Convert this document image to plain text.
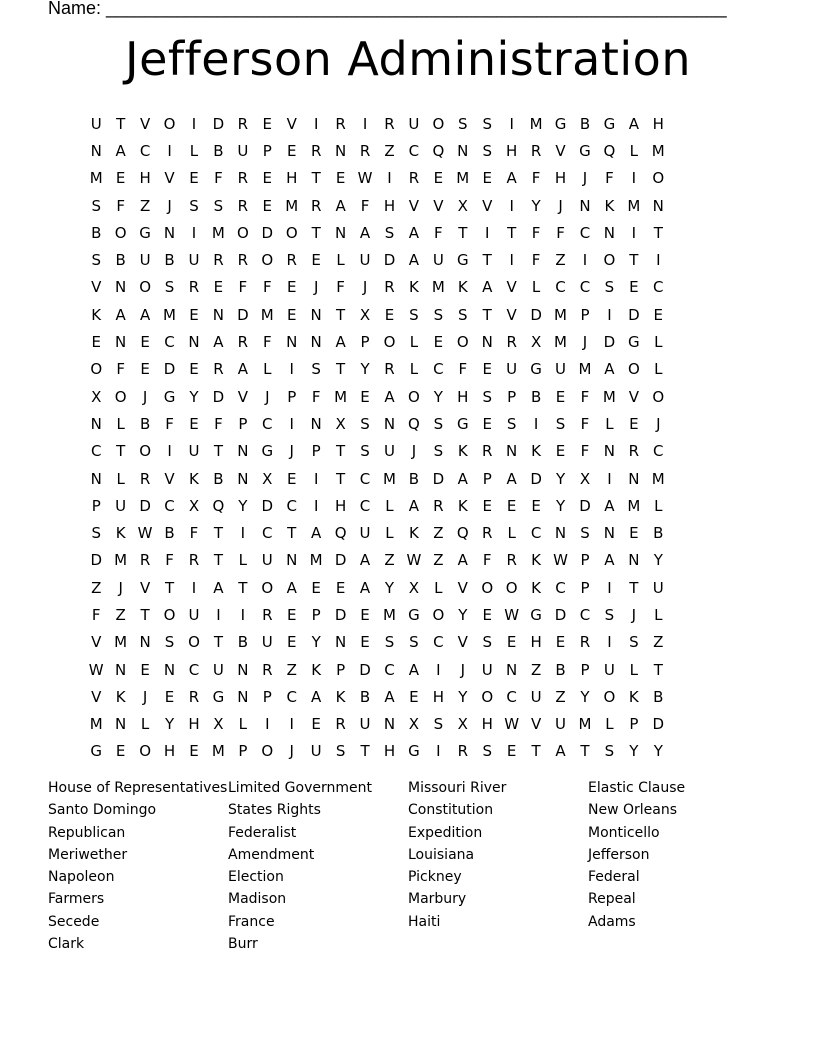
Name: ______________________________________________________________
Jefferson Administration
U T V O	I	D R E V	I	R	I	R U O S S	I	M G B G A H
N A C	I	L	B U P	E R N R Z C Q N S H R V G Q L M
M E H V E	F R E H T	E W I	R E M E A F H	J	F	I	O
S	F Z	J	S S R E M R A F H V V X V	I	Y	J	N K M N
B O G N	I	M O D O T N A S A F	T	I	T	F	F C N	I	T
S B U B U R R O R E	L U D A U G T	I	F Z	I	O T	I
V N O S R E	F	F	E	J	F	J	R K M K A V	L	C C S E C
K A A M E N D M E N T X E S S S	T V D M P	I	D E
E N E C N A R F N N A P O L	E O N R X M	J	D G L
O F	E D E R A	L	I	S	T	Y R	L	C F	E U G U M A O L
X O	J	G Y D V	J	P	F M E A O Y H S	P B E	F M V O
N L	B F	E	F	P C	I	N X S N Q S G E S	I	S	F	L	E	J
C T O	I	U T N G	J	P	T	S U	J	S K R N K E	F N R C
N L	R V K B N X E	I	T C M B D A P A D Y X	I	N M
P U D C X Q Y D C	I	H C	L	A R K E E E	Y D A M L
S K W B F	T	I	C T A Q U L	K Z Q R	L	C N S N E B
D M R F R T	L U N M D A Z W Z A F R K W P A N Y
Z	J	V T	I	A T O A E E A Y X	L	V O O K C P	I	T U
F Z T O U	I	I	R E	P D E M G O Y	E W G D C S	J	L
V M N S O T B U E	Y N E S S C V S E H E R	I	S Z
W N E N C U N R Z K P D C A	I	J	U N Z B P U L	T
V K	J	E R G N P C A K B A E H Y O C U Z Y O K B
M N L	Y H X	L	I	I	E R U N X S X H W V U M L	P D
G E O H E M P O	J	U S	T H G	I	R S E	T A T	S	Y	Y
House of Representatives
Santo Domingo
Republican
Meriwether
Napoleon
Farmers
Secede
Clark
Limited Government
States Rights
Federalist
Amendment
Election
Madison
France
Burr
Missouri River
Constitution
Expedition
Louisiana
Pickney
Marbury
Haiti
Elastic Clause
New Orleans
Monticello
Jefferson
Federal
Repeal
Adams
